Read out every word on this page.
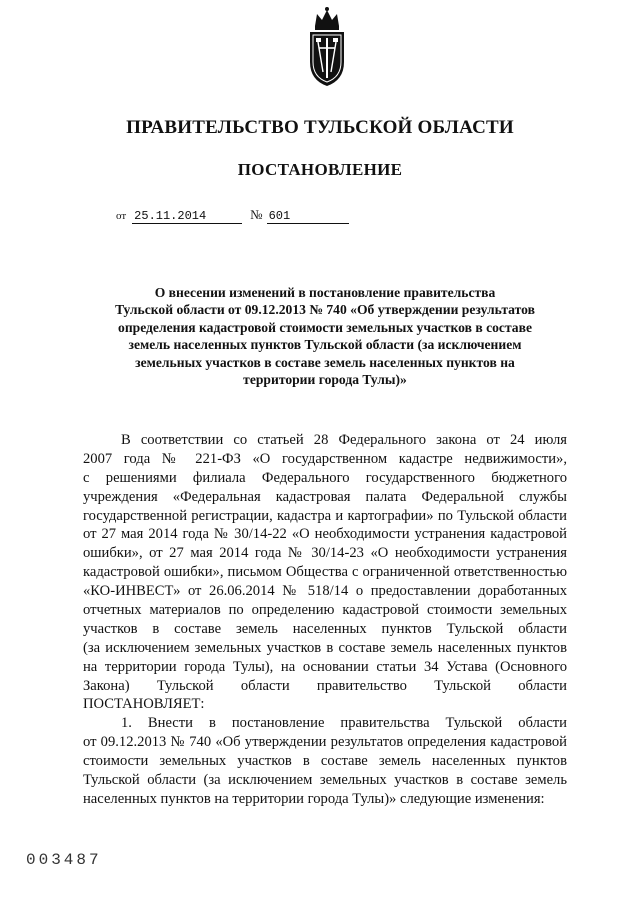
ПРАВИТЕЛЬСТВО ТУЛЬСКОЙ ОБЛАСТИ
ПОСТАНОВЛЕНИЕ
от 25.11.2014	№ 601
О внесении изменений в постановление правительства
Тульской области от 09.12.2013 № 740 «Об утверждении результатов
определения кадастровой стоимости земельных участков в составе
земель населенных пунктов Тульской области (за исключением
земельных участков в составе земель населенных пунктов на
территории города Тулы)»
В соответствии со статьей 28 Федерального закона от 24 июля
2007 года № 221-ФЗ «О государственном кадастре недвижимости»,
с решениями филиала Федерального государственного бюджетного
учреждения «Федеральная кадастровая палата Федеральной службы
государственной регистрации, кадастра и картографии» по Тульской области
от 27 мая 2014 года № 30/14-22 «О необходимости устранения кадастровой
ошибки», от 27 мая 2014 года № 30/14-23 «О необходимости устранения
кадастровой ошибки», письмом Общества с ограниченной ответственностью
«КО-ИНВЕСТ» от 26.06.2014 № 518/14 о предоставлении доработанных
отчетных материалов по определению кадастровой стоимости земельных
участков в составе земель населенных пунктов Тульской области
(за исключением земельных участков в составе земель населенных пунктов
на территории города Тулы), на основании статьи 34 Устава (Основного
Закона) Тульской области правительство Тульской области
ПОСТАНОВЛЯЕТ:
1. Внести в постановление правительства Тульской области
от 09.12.2013 № 740 «Об утверждении результатов определения кадастровой
стоимости земельных участков в составе земель населенных пунктов
Тульской области (за исключением земельных участков в составе земель
населенных пунктов на территории города Тулы)» следующие изменения:
003487
